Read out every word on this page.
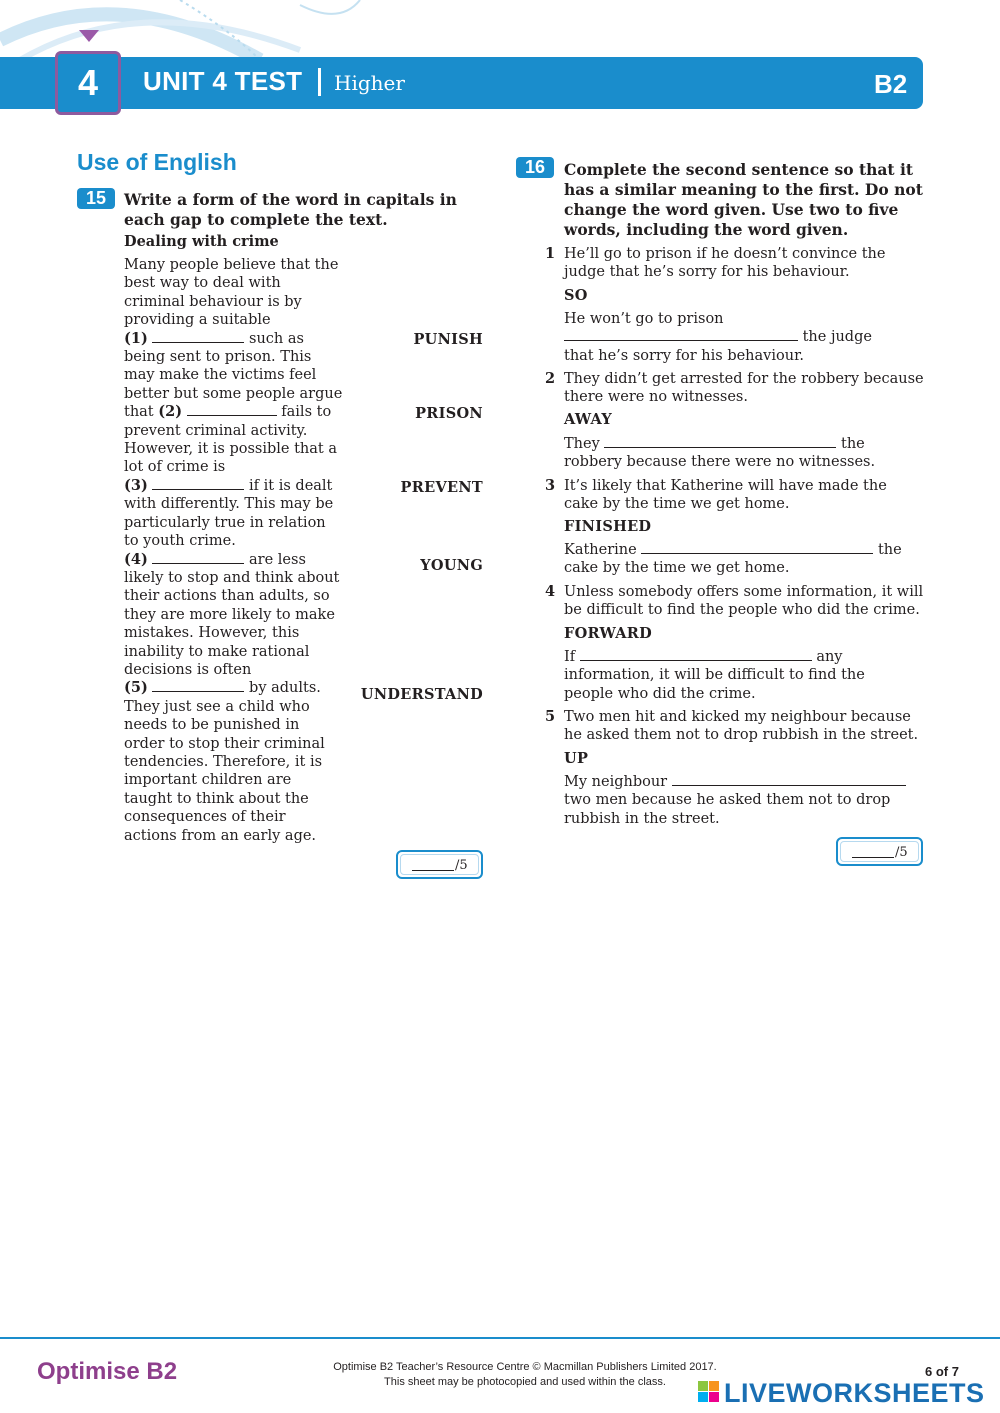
4	UNIT 4 TEST Higher	B2
Use of English
15	Write a form of the word in capitals in each gap to complete the text.
Dealing with crime
Many people believe that the
best way to deal with
criminal behaviour is by
providing a suitable
(1)	such as
being sent to prison. This
may make the victims feel
better but some people argue
that (2)	fails to
prevent criminal activity.
However, it is possible that a
lot of crime is
(3)	if it is dealt
with differently. This may be
particularly true in relation
to youth crime.
(4)	are less
likely to stop and think about
their actions than adults, so
they are more likely to make
mistakes. However, this
inability to make rational
decisions is often
(5)	by adults.
They just see a child who
needs to be punished in
order to stop their criminal
tendencies. Therefore, it is
important children are
taught to think about the
consequences of their
actions from an early age.
PUNISH
PRISON
PREVENT
YOUNG
UNDERSTAND
/5
16	Complete the second sentence so that it has a similar meaning to the first. Do not change the word given. Use two to five words, including the word given.
1 He’ll go to prison if he doesn’t convince the judge that he’s sorry for his behaviour.
SO
He won’t go to prison
the judge
that he’s sorry for his behaviour.
2 They didn’t get arrested for the robbery because there were no witnesses.
AWAY
They	the
robbery because there were no witnesses.
3 It’s likely that Katherine will have made the cake by the time we get home.
FINISHED
Katherine	the
cake by the time we get home.
4 Unless somebody offers some information, it will be difficult to find the people who did the crime.
FORWARD
If	any
information, it will be difficult to find the
people who did the crime.
5 Two men hit and kicked my neighbour because he asked them not to drop rubbish in the street.
UP
My neighbour
two men because he asked them not to drop
rubbish in the street.
/5
Optimise B2	Optimise B2 Teacher’s Resource Centre © Macmillan Publishers Limited 2017.
This sheet may be photocopied and used within the class.
6 of 7
LIVEWORKSHEETS
